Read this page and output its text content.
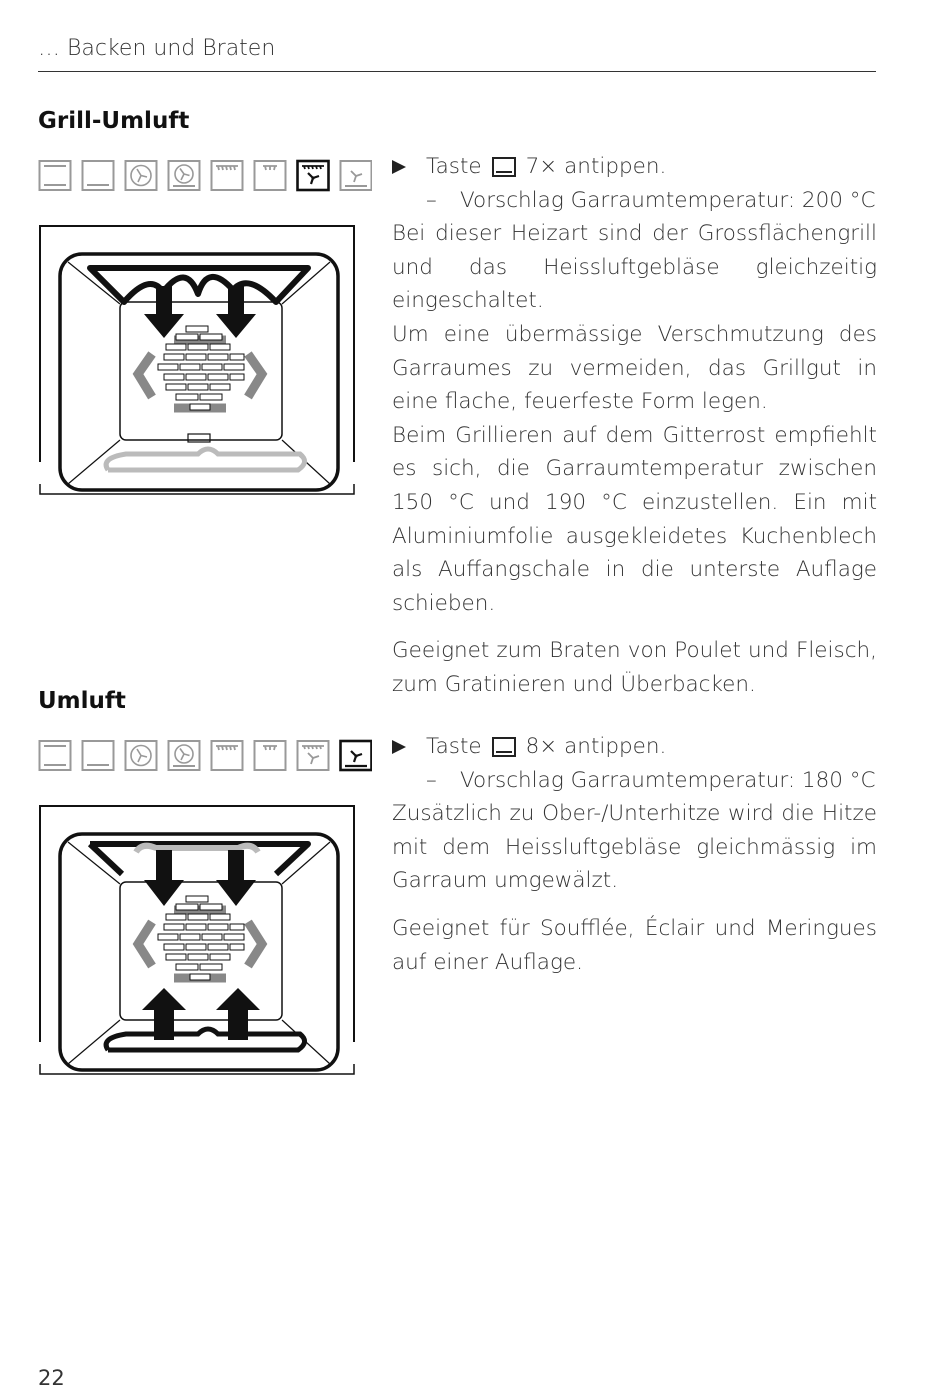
… Backen und Braten
Grill-Umluft
Taste 7× antippen.
– Vorschlag Garraumtemperatur: 200 °C

Bei dieser Heizart sind der Grossflächengrill und das Heissluftgebläse gleichzeitig eingeschaltet.

Um eine übermässige Verschmutzung des Garraumes zu vermeiden, das Grillgut in eine flache, feuerfeste Form legen.

Beim Grillieren auf dem Gitterrost empfiehlt es sich, die Garraumtemperatur zwischen 150 °C und 190 °C einzustellen. Ein mit Aluminiumfolie ausgekleidetes Kuchenblech als Auffangschale in die unterste Auflage schieben.

Geeignet zum Braten von Poulet und Fleisch, zum Gratinieren und Überbacken.

Umluft
Taste 8× antippen.
– Vorschlag Garraumtemperatur: 180 °C

Zusätzlich zu Ober-/Unterhitze wird die Hitze mit dem Heissluftgebläse gleichmässig im Garraum umgewälzt.

Geeignet für Soufflée, Éclair und Meringues auf einer Auflage.

22
